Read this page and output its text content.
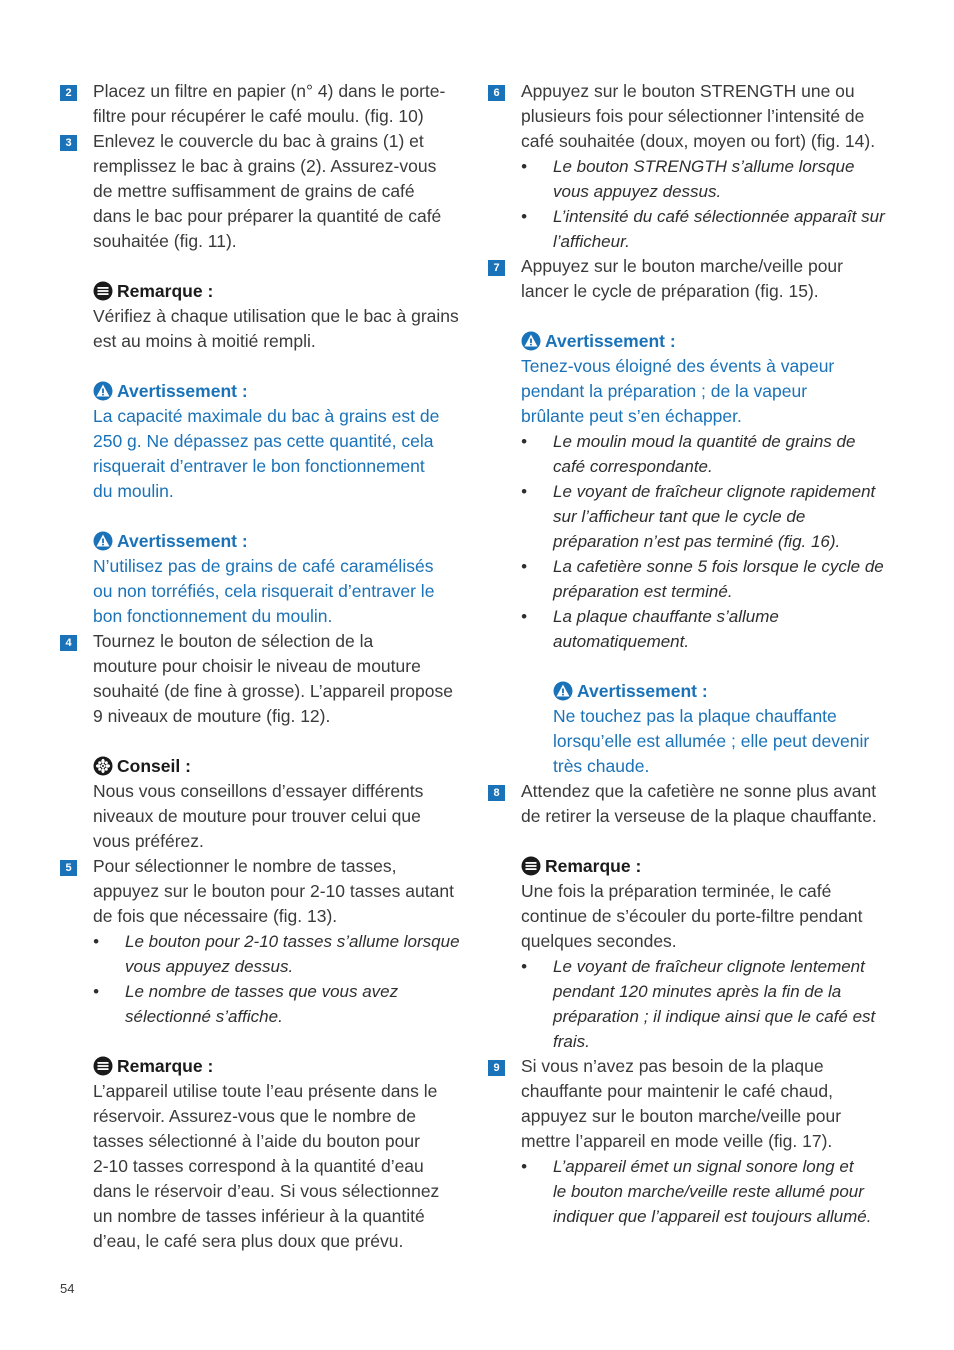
2	Placez un filtre en papier (n° 4) dans le porte-
filtre pour récupérer le café moulu. (fig. 10)
3	Enlevez le couvercle du bac à grains (1) et
remplissez le bac à grains (2). Assurez-vous
de mettre suffisamment de grains de café
dans le bac pour préparer la quantité de café
souhaitée (fig. 11).
Remarque :
Vérifiez à chaque utilisation que le bac à grains
est au moins à moitié rempli.
Avertissement :
La capacité maximale du bac à grains est de
250 g. Ne dépassez pas cette quantité, cela
risquerait d’entraver le bon fonctionnement
du moulin.
Avertissement :
N’utilisez pas de grains de café caramélisés
ou non torréfiés, cela risquerait d’entraver le
bon fonctionnement du moulin.
4	Tournez le bouton de sélection de la
mouture pour choisir le niveau de mouture
souhaité (de fine à grosse). L’appareil propose
9 niveaux de mouture (fig. 12).
Conseil :
Nous vous conseillons d’essayer différents
niveaux de mouture pour trouver celui que
vous préférez.
5	Pour sélectionner le nombre de tasses,
appuyez sur le bouton pour 2-10 tasses autant
de fois que nécessaire (fig. 13).
• Le bouton pour 2-10 tasses s’allume lorsque
vous appuyez dessus.
• Le nombre de tasses que vous avez
sélectionné s’affiche.
Remarque :
L’appareil utilise toute l’eau présente dans le
réservoir. Assurez-vous que le nombre de
tasses sélectionné à l’aide du bouton pour
2-10 tasses correspond à la quantité d’eau
dans le réservoir d’eau. Si vous sélectionnez
un nombre de tasses inférieur à la quantité
d’eau, le café sera plus doux que prévu.
6	Appuyez sur le bouton STRENGTH une ou
plusieurs fois pour sélectionner l’intensité de
café souhaitée (doux, moyen ou fort) (fig. 14).
• Le bouton STRENGTH s’allume lorsque
vous appuyez dessus.
• L’intensité du café sélectionnée apparaît sur
l’afficheur.
7	Appuyez sur le bouton marche/veille pour
lancer le cycle de préparation (fig. 15).
Avertissement :
Tenez-vous éloigné des évents à vapeur
pendant la préparation ; de la vapeur
brûlante peut s’en échapper.
• Le moulin moud la quantité de grains de
café correspondante.
• Le voyant de fraîcheur clignote rapidement
sur l’afficheur tant que le cycle de
préparation n’est pas terminé (fig. 16).
• La cafetière sonne 5 fois lorsque le cycle de
préparation est terminé.
• La plaque chauffante s’allume
automatiquement.
Avertissement :
Ne touchez pas la plaque chauffante
lorsqu’elle est allumée ; elle peut devenir
très chaude.
8	Attendez que la cafetière ne sonne plus avant
de retirer la verseuse de la plaque chauffante.
Remarque :
Une fois la préparation terminée, le café
continue de s’écouler du porte-filtre pendant
quelques secondes.
• Le voyant de fraîcheur clignote lentement
pendant 120 minutes après la fin de la
préparation ; il indique ainsi que le café est
frais.
9	Si vous n’avez pas besoin de la plaque
chauffante pour maintenir le café chaud,
appuyez sur le bouton marche/veille pour
mettre l’appareil en mode veille (fig. 17).
• L’appareil émet un signal sonore long et
le bouton marche/veille reste allumé pour
indiquer que l’appareil est toujours allumé.
54
